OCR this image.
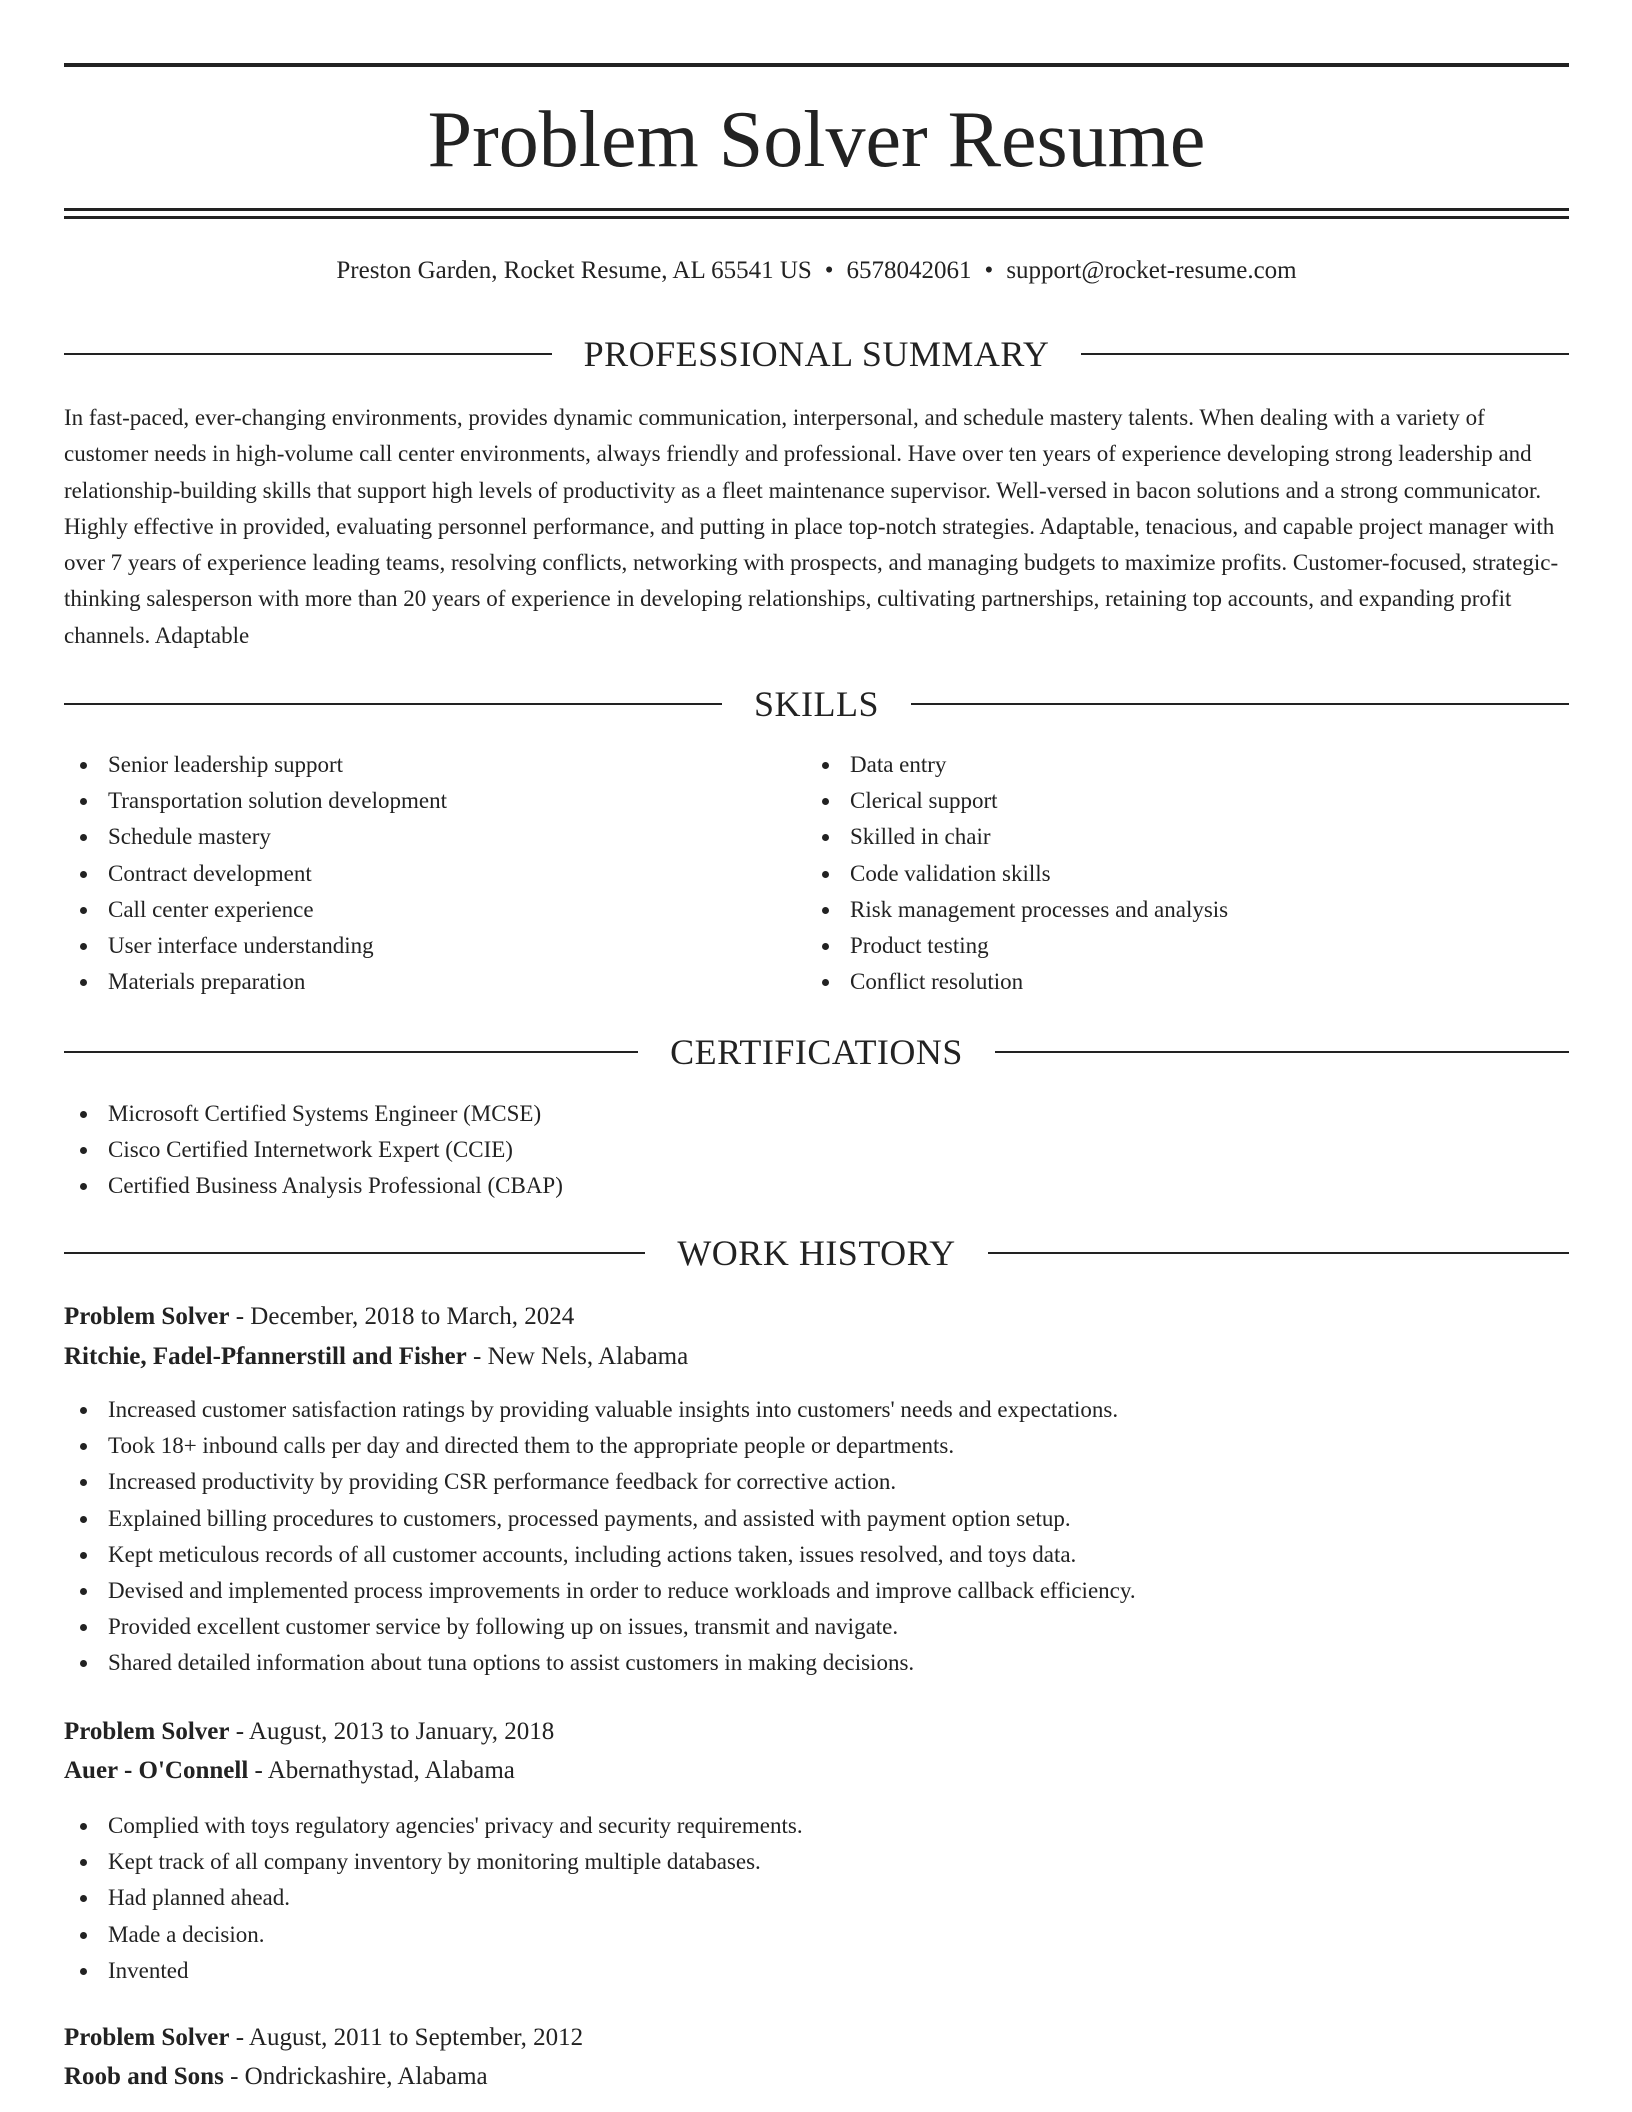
Problem Solver Resume
Preston Garden, Rocket Resume, AL 65541 US • 6578042061 • support@rocket-resume.com
PROFESSIONAL SUMMARY

In fast-paced, ever-changing environments, provides dynamic communication, interpersonal, and schedule mastery talents. When dealing with a variety of customer needs in high-volume call center environments, always friendly and professional. Have over ten years of experience developing strong leadership and relationship-building skills that support high levels of productivity as a fleet maintenance supervisor. Well-versed in bacon solutions and a strong communicator. Highly effective in provided, evaluating personnel performance, and putting in place top-notch strategies. Adaptable, tenacious, and capable project manager with over 7 years of experience leading teams, resolving conflicts, networking with prospects, and managing budgets to maximize profits. Customer-focused, strategic-thinking salesperson with more than 20 years of experience in developing relationships, cultivating partnerships, retaining top accounts, and expanding profit channels. Adaptable

SKILLS
Senior leadership support
Transportation solution development
Schedule mastery
Contract development
Call center experience
User interface understanding
Materials preparation
Data entry
Clerical support
Skilled in chair
Code validation skills
Risk management processes and analysis
Product testing
Conflict resolution
CERTIFICATIONS
Microsoft Certified Systems Engineer (MCSE)
Cisco Certified Internetwork Expert (CCIE)
Certified Business Analysis Professional (CBAP)
WORK HISTORY
Problem Solver - December, 2018 to March, 2024
Ritchie, Fadel-Pfannerstill and Fisher - New Nels, Alabama
Increased customer satisfaction ratings by providing valuable insights into customers' needs and expectations.
Took 18+ inbound calls per day and directed them to the appropriate people or departments.
Increased productivity by providing CSR performance feedback for corrective action.
Explained billing procedures to customers, processed payments, and assisted with payment option setup.
Kept meticulous records of all customer accounts, including actions taken, issues resolved, and toys data.
Devised and implemented process improvements in order to reduce workloads and improve callback efficiency.
Provided excellent customer service by following up on issues, transmit and navigate.
Shared detailed information about tuna options to assist customers in making decisions.
Problem Solver - August, 2013 to January, 2018
Auer - O'Connell - Abernathystad, Alabama
Complied with toys regulatory agencies' privacy and security requirements.
Kept track of all company inventory by monitoring multiple databases.
Had planned ahead.
Made a decision.
Invented
Problem Solver - August, 2011 to September, 2012
Roob and Sons - Ondrickashire, Alabama
